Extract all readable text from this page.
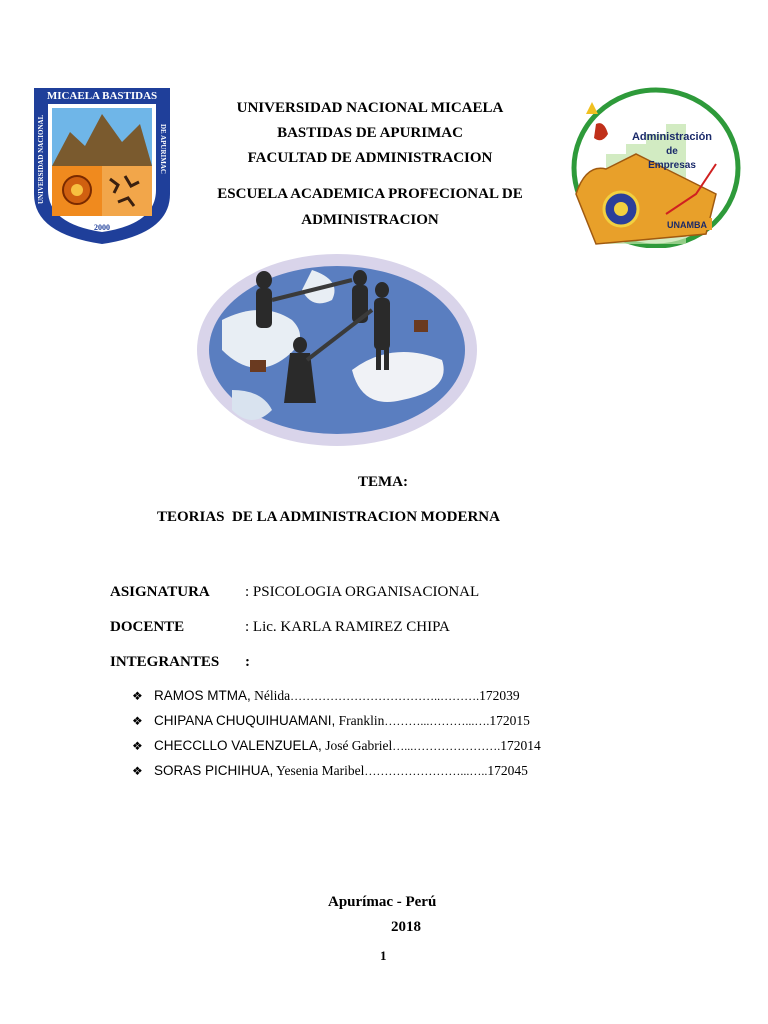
UNIVERSIDAD NACIONAL MICAELA
BASTIDAS DE APURIMAC
FACULTAD DE ADMINISTRACION
ESCUELA ACADEMICA PROFECIONAL DE
ADMINISTRACION
MICAELA BASTIDAS
2000
UNIVERSIDAD NACIONAL	DE APURIMAC	Administración
de
Empresas
UNAMBA
TEMA:
TEORIAS  DE LA ADMINISTRACION MODERNA
ASIGNATURA : PSICOLOGIA ORGANISACIONAL
DOCENTE	: Lic. KARLA RAMIREZ CHIPA
INTEGRANTES :
❖ RAMOS MTMA, Nélida………………………………..……….172039
❖ CHIPANA CHUQUIHUAMANI, Franklin………...………...….172015
❖ CHECCLLO VALENZUELA, José Gabriel…...………………….172014
❖ SORAS PICHIHUA, Yesenia Maribel……………………...…..172045
Apurímac - Perú
2018
1
